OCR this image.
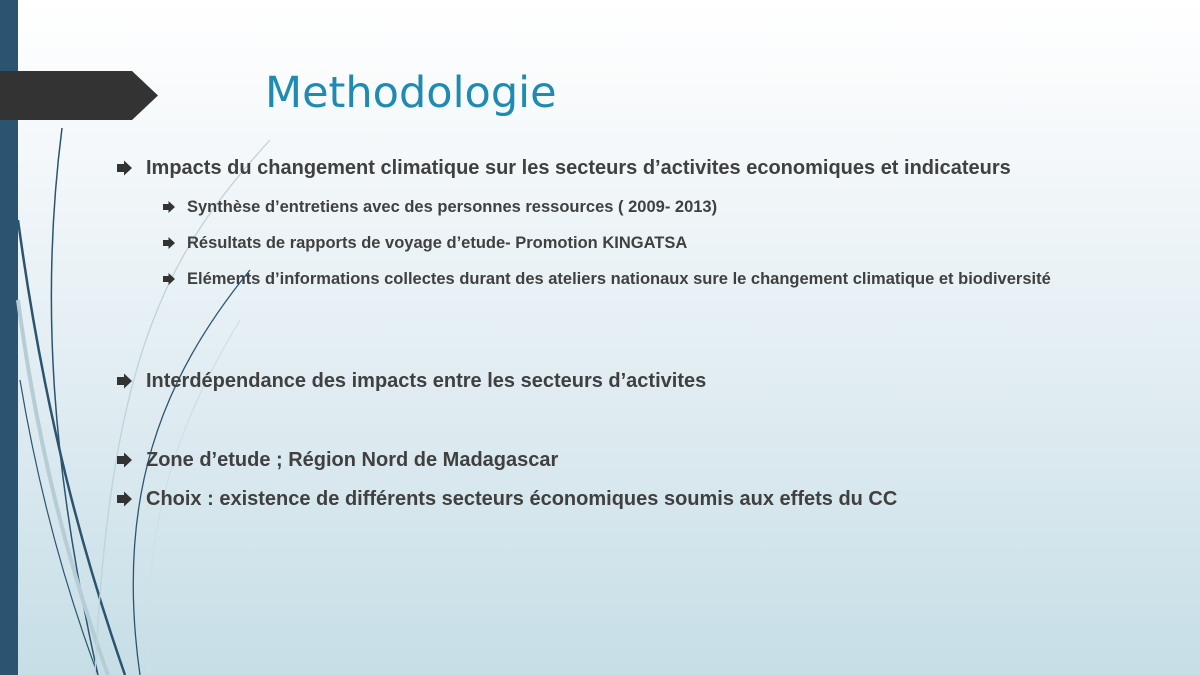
Methodologie
Impacts du changement climatique sur les secteurs d’activites economiques et indicateurs
Synthèse d’entretiens avec des personnes ressources ( 2009- 2013)
Résultats de rapports de voyage d’etude- Promotion KINGATSA
Eléments d’informations collectes durant des ateliers nationaux sure le changement climatique et biodiversité
Interdépendance des impacts entre les secteurs d’activites
Zone d’etude ; Région Nord de Madagascar
Choix : existence de différents secteurs économiques soumis aux effets du CC
